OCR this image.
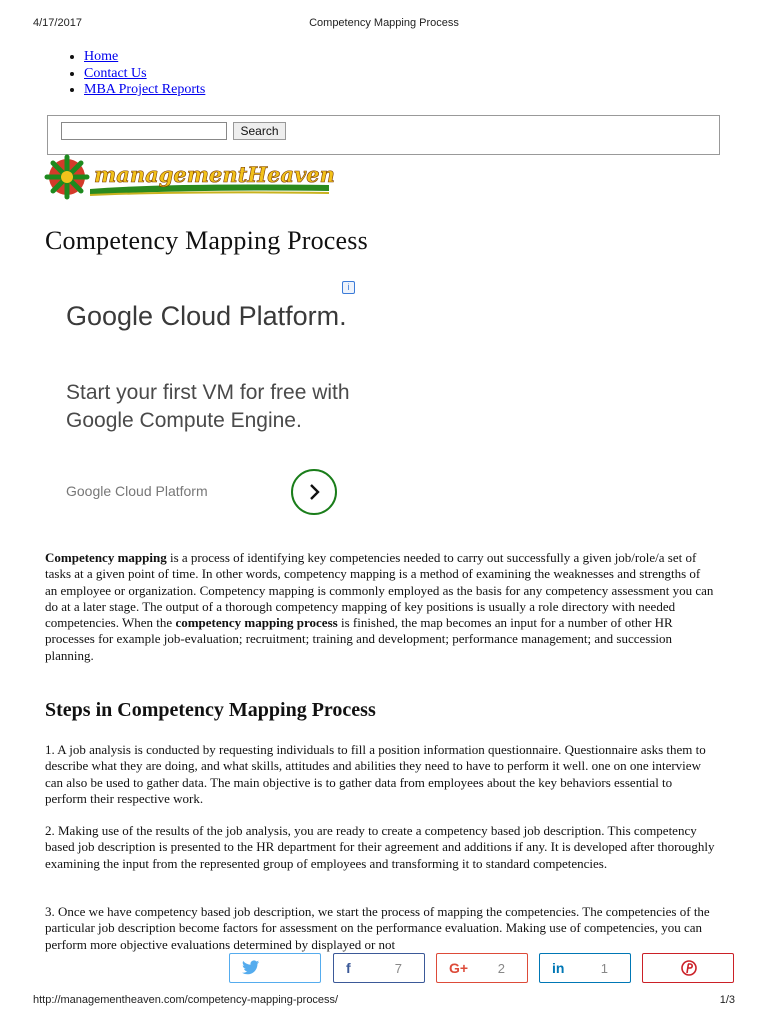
4/17/2017	Competency Mapping Process
• Home
• Contact Us
• MBA Project Reports
Search
managementHeaven
Competency Mapping Process
i
Google Cloud Platform.
Start your first VM for free with Google Compute Engine.
Google Cloud Platform

Competency mapping is a process of identifying key competencies needed to carry out successfully a given job/role/a set of tasks at a given point of time. In other words, competency mapping is a method of examining the weaknesses and strengths of an employee or organization. Competency mapping is commonly employed as the basis for any competency assessment you can do at a later stage. The output of a thorough competency mapping of key positions is usually a role directory with needed competencies. When the competency mapping process is finished, the map becomes an input for a number of other HR processes for example job-evaluation; recruitment; training and development; performance management; and succession planning.

Steps in Competency Mapping Process

1. A job analysis is conducted by requesting individuals to fill a position information questionnaire. Questionnaire asks them to describe what they are doing, and what skills, attitudes and abilities they need to have to perform it well. one on one interview can also be used to gather data. The main objective is to gather data from employees about the key behaviors essential to perform their respective work.

2. Making use of the results of the job analysis, you are ready to create a competency based job description. This competency based job description is presented to the HR department for their agreement and additions if any. It is developed after thoroughly examining the input from the represented group of employees and transforming it to standard competencies.

3. Once we have competency based job description, we start the process of mapping the competencies. The competencies of the particular job description become factors for assessment on the performance evaluation. Making use of competencies, you can perform more objective evaluations determined by displayed or not

f	7	G+ 2	in	1
http://managementheaven.com/competency-mapping-process/	1/3
